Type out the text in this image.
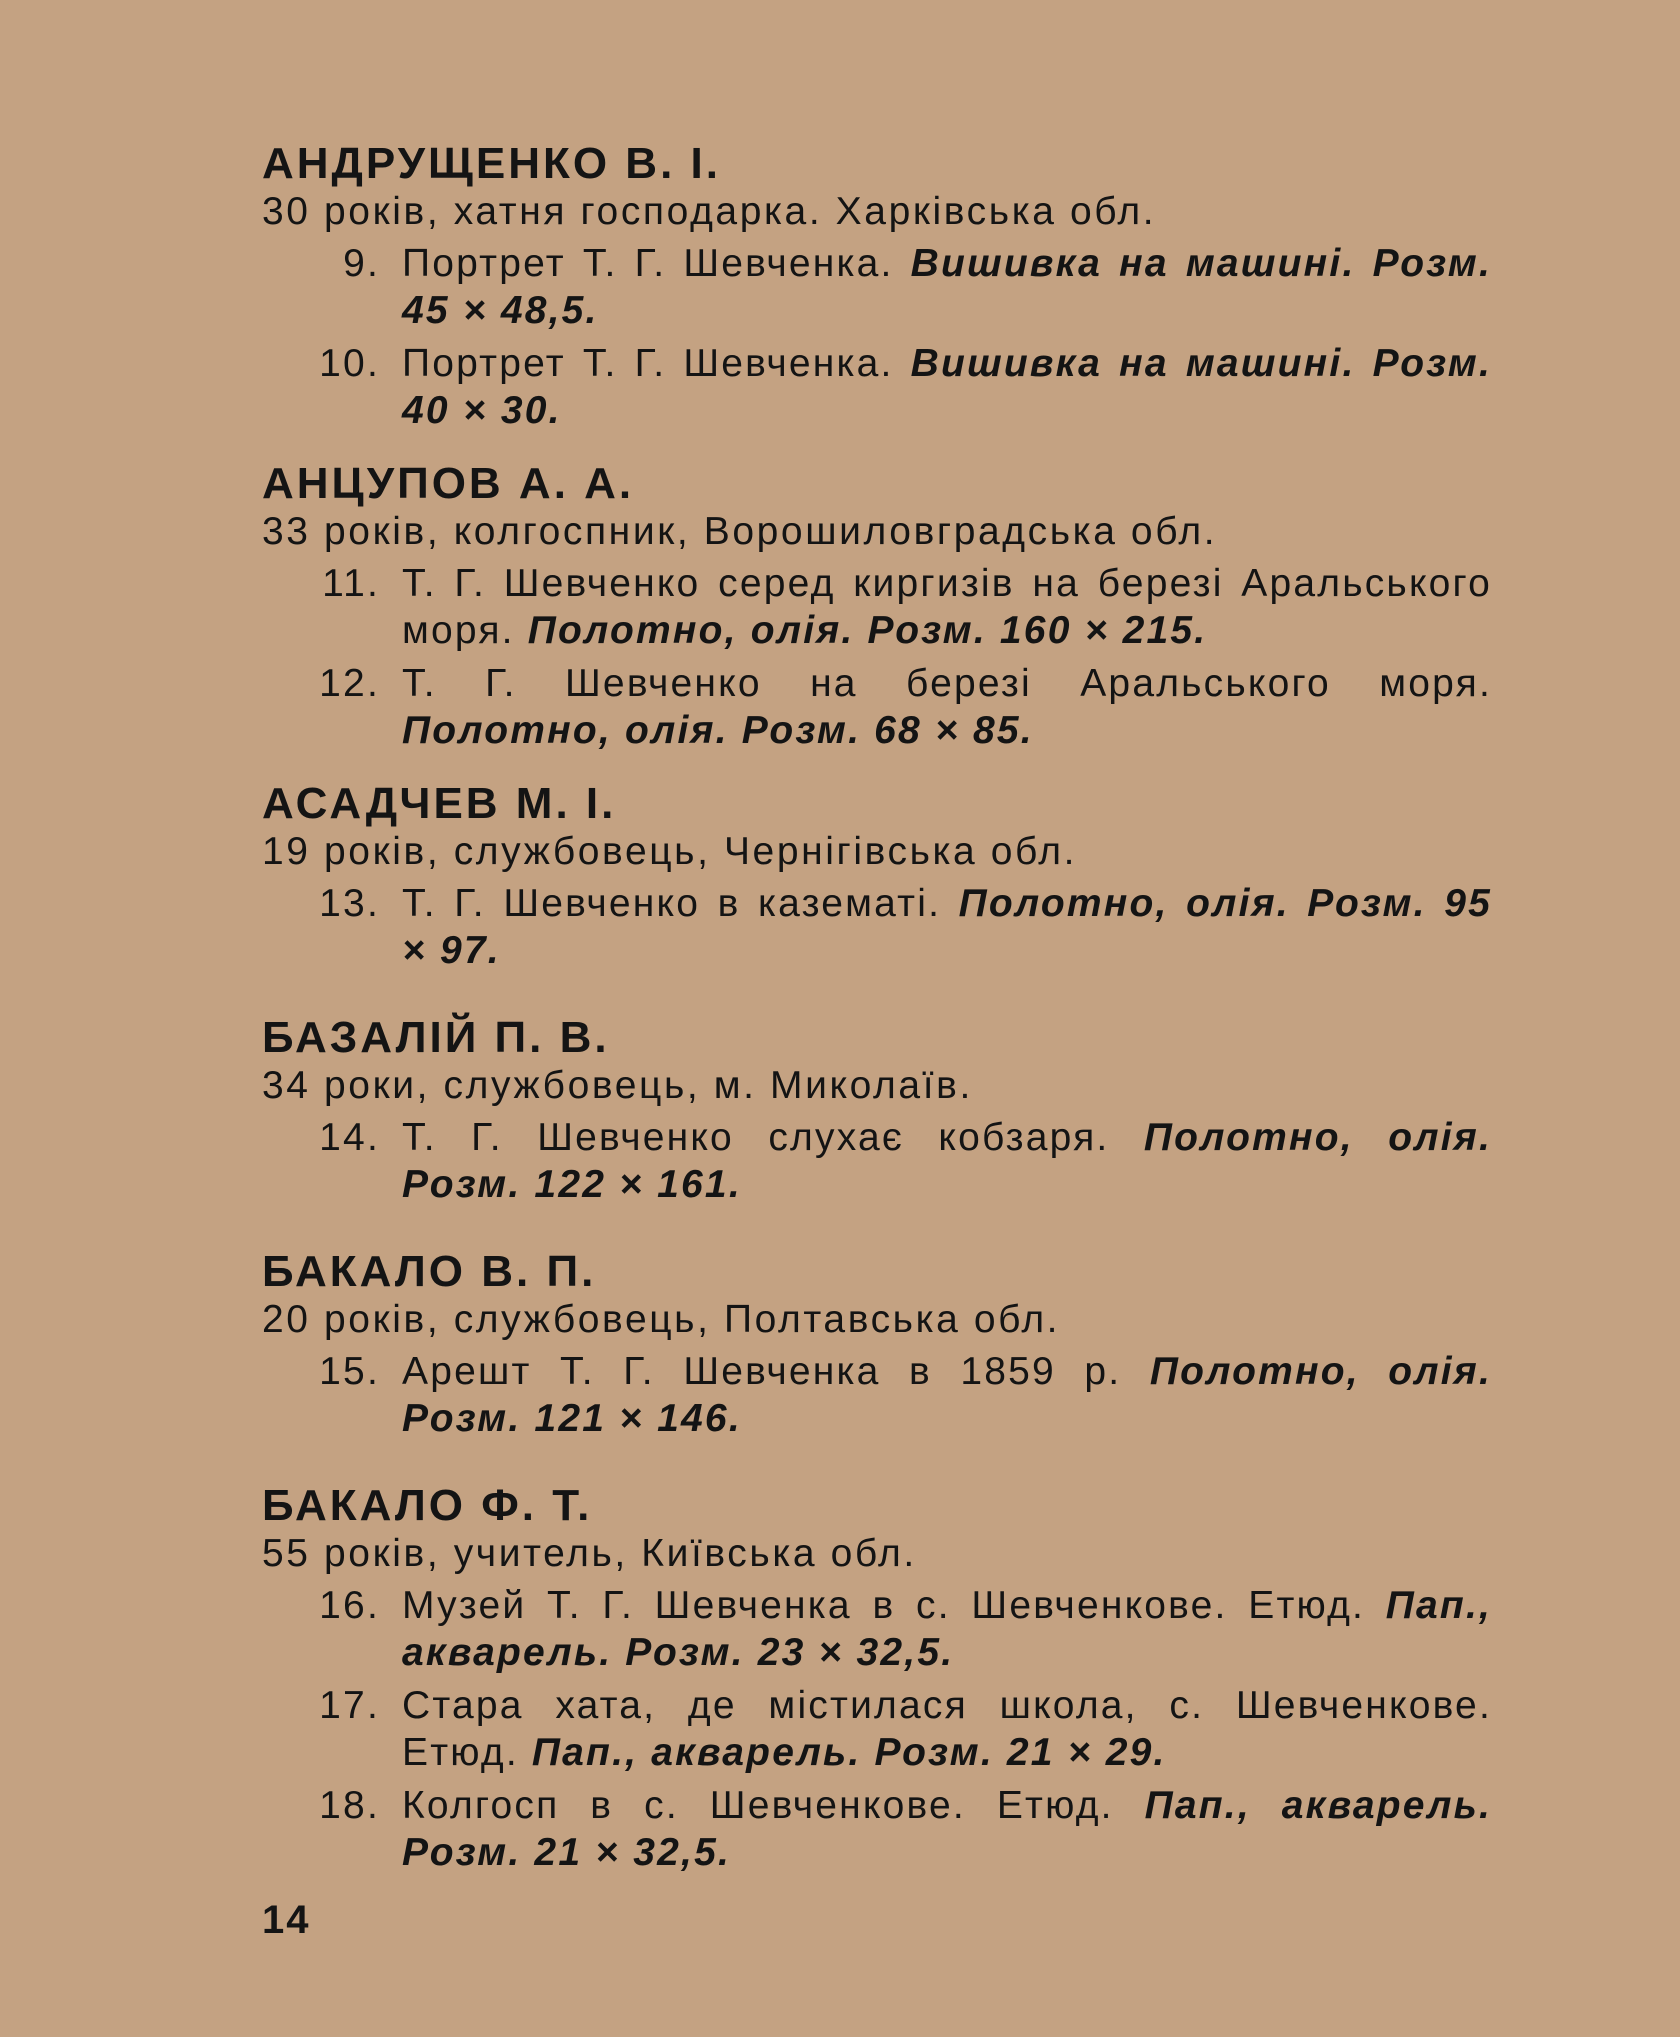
АНДРУЩЕНКО В. І.

30 років, хатня господарка. Харківська обл.

9. Портрет Т. Г. Шевченка. Вишивка на машині. Розм. 45 × 48,5.
10. Портрет Т. Г. Шевченка. Вишивка на машині. Розм. 40 × 30.

АНЦУПОВ А. А.

33 років, колгоспник, Ворошиловградська обл.

11. Т. Г. Шевченко серед киргизів на березі Аральського моря. Полотно, олія. Розм. 160 × 215.
12. Т. Г. Шевченко на березі Аральського моря. Полотно, олія. Розм. 68 × 85.

АСАДЧЕВ М. І.

19 років, службовець, Чернігівська обл.

13. Т. Г. Шевченко в казематі. Полотно, олія. Розм. 95 × 97.

БАЗАЛІЙ П. В.

34 роки, службовець, м. Миколаїв.

14. Т. Г. Шевченко слухає кобзаря. Полотно, олія. Розм. 122 × 161.

БАКАЛО В. П.

20 років, службовець, Полтавська обл.

15. Арешт Т. Г. Шевченка в 1859 р. Полотно, олія. Розм. 121 × 146.

БАКАЛО Ф. Т.

55 років, учитель, Київська обл.

16. Музей Т. Г. Шевченка в с. Шевченкове. Етюд. Пап., акварель. Розм. 23 × 32,5.
17. Стара хата, де містилася школа, с. Шевченкове. Етюд. Пап., акварель. Розм. 21 × 29.
18. Колгосп в с. Шевченкове. Етюд. Пап., акварель. Розм. 21 × 32,5.
14
